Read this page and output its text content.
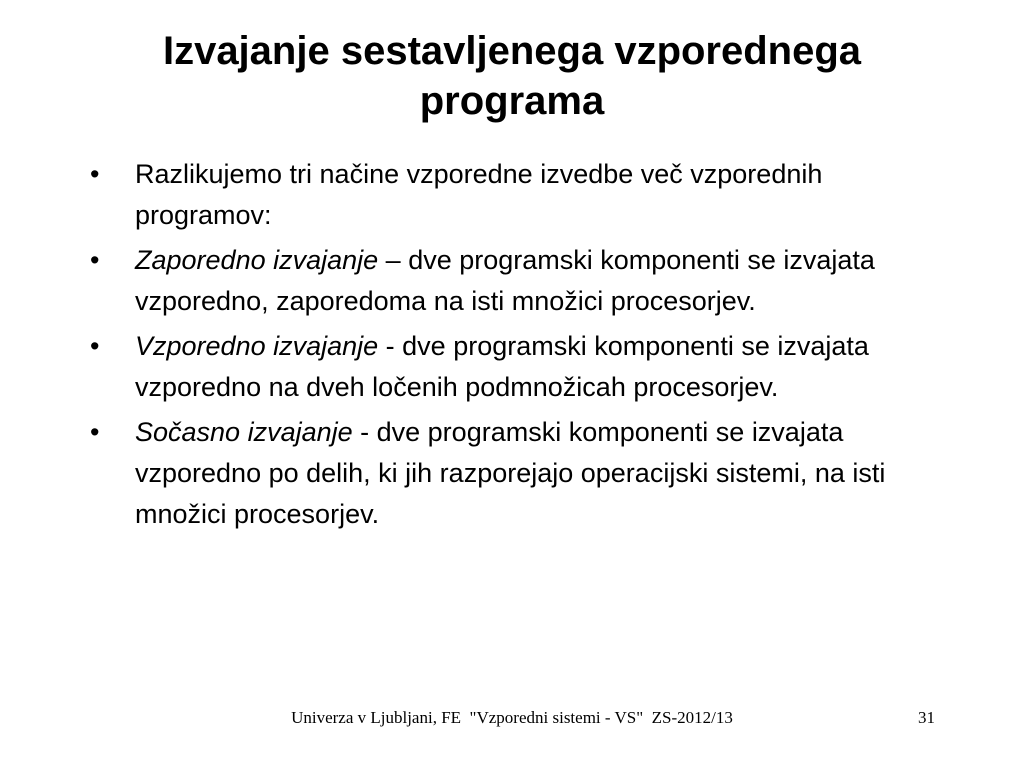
Izvajanje sestavljenega vzporednega
programa
•	Razlikujemo tri načine vzporedne izvedbe več vzporednih programov:
•	Zaporedno izvajanje – dve programski komponenti se izvajata vzporedno, zaporedoma na isti množici procesorjev.
•	Vzporedno izvajanje - dve programski komponenti se izvajata vzporedno na dveh ločenih podmnožicah procesorjev.
•	Sočasno izvajanje - dve programski komponenti se izvajata vzporedno po delih, ki jih razporejajo operacijski sistemi, na isti množici procesorjev.
Univerza v Ljubljani, FE  "Vzporedni sistemi - VS"  ZS-2012/13	31
